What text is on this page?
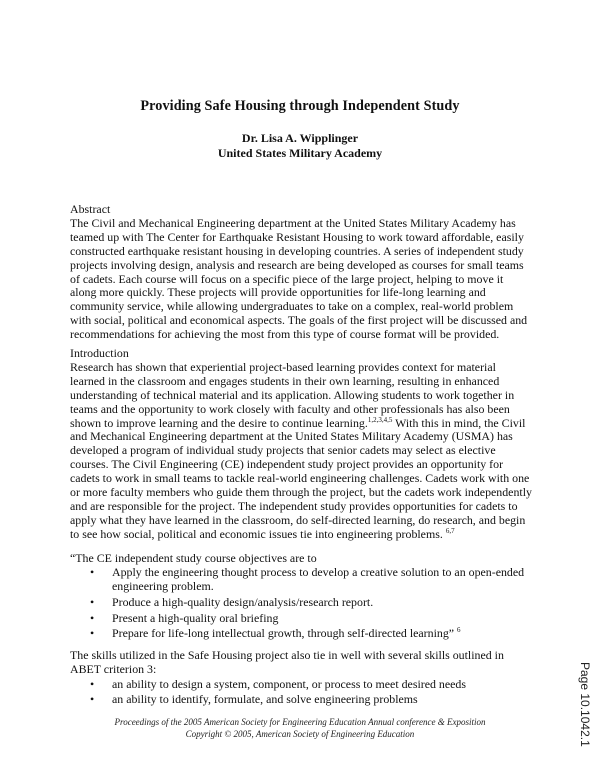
Providing Safe Housing through Independent Study
Dr. Lisa A. Wipplinger
United States Military Academy
Abstract

The Civil and Mechanical Engineering department at the United States Military Academy has teamed up with The Center for Earthquake Resistant Housing to work toward affordable, easily constructed earthquake resistant housing in developing countries. A series of independent study projects involving design, analysis and research are being developed as courses for small teams of cadets. Each course will focus on a specific piece of the large project, helping to move it along more quickly. These projects will provide opportunities for life-long learning and community service, while allowing undergraduates to take on a complex, real-world problem with social, political and economical aspects. The goals of the first project will be discussed and recommendations for achieving the most from this type of course format will be provided.

Introduction

Research has shown that experiential project-based learning provides context for material learned in the classroom and engages students in their own learning, resulting in enhanced understanding of technical material and its application. Allowing students to work together in teams and the opportunity to work closely with faculty and other professionals has also been shown to improve learning and the desire to continue learning.$^{1,2,3,4,5}$ With this in mind, the Civil and Mechanical Engineering department at the United States Military Academy (USMA) has developed a program of individual study projects that senior cadets may select as elective courses. The Civil Engineering (CE) independent study project provides an opportunity for cadets to work in small teams to tackle real-world engineering challenges. Cadets work with one or more faculty members who guide them through the project, but the cadets work independently and are responsible for the project. The independent study provides opportunities for cadets to apply what they have learned in the classroom, do self-directed learning, do research, and begin to see how social, political and economic issues tie into engineering problems. $^{6,7}$

“The CE independent study course objectives are to

• Apply the engineering thought process to develop a creative solution to an open-ended engineering problem.
• Produce a high-quality design/analysis/research report.
• Present a high-quality oral briefing
• Prepare for life-long intellectual growth, through self-directed learning” $^6$

The skills utilized in the Safe Housing project also tie in well with several skills outlined in ABET criterion 3:

• an ability to design a system, component, or process to meet desired needs
• an ability to identify, formulate, and solve engineering problems
Proceedings of the 2005 American Society for Engineering Education Annual conference & Exposition
Copyright © 2005, American Society of Engineering Education	Page 10.1042.1
